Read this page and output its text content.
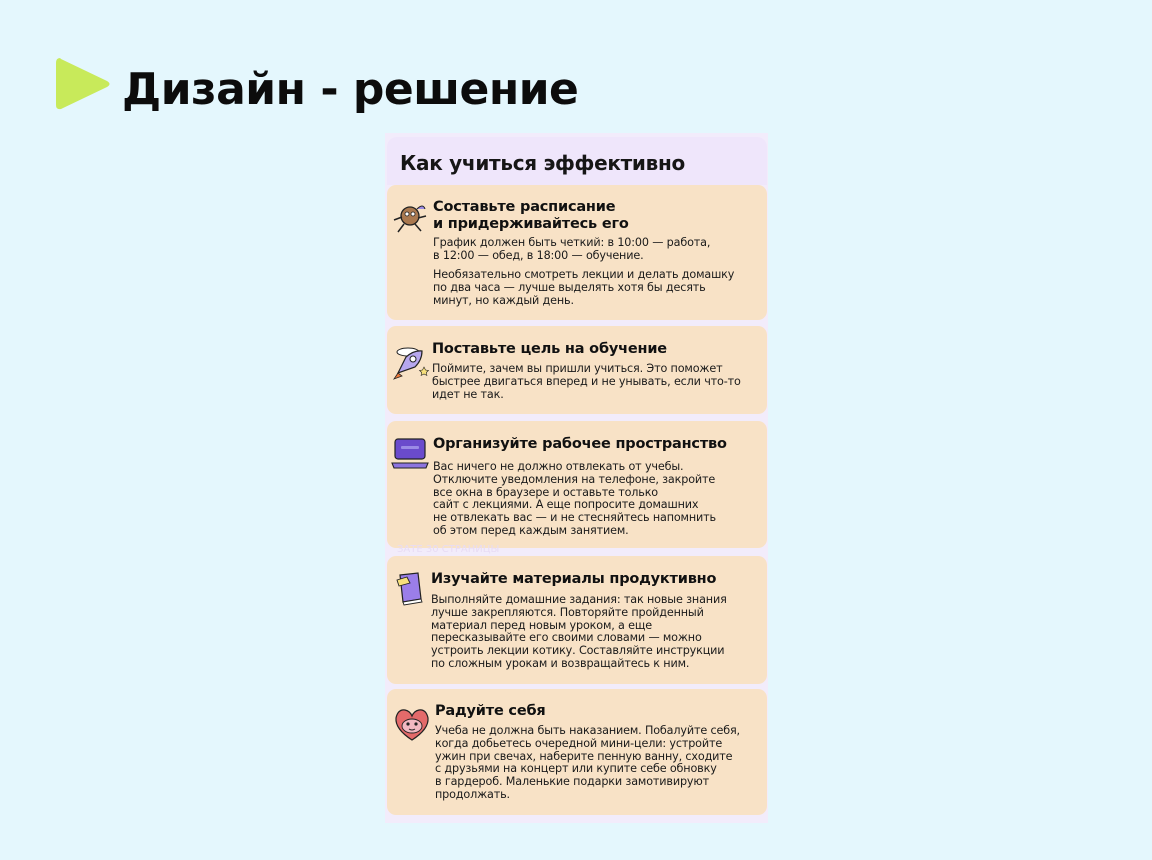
Дизайн - решение
Как учиться эффективно
Составьте расписание
и придерживайтесь его
График должен быть четкий: в 10:00 — работа,
в 12:00 — обед, в 18:00 — обучение.
Необязательно смотреть лекции и делать домашку
по два часа — лучше выделять хотя бы десять
минут, но каждый день.
Поставьте цель на обучение
Поймите, зачем вы пришли учиться. Это поможет
быстрее двигаться вперед и не унывать, если что-то
идет не так.
Организуйте рабочее пространство
Вас ничего не должно отвлекать от учебы.
Отключите уведомления на телефоне, закройте
все окна в браузере и оставьте только
сайт с лекциями. А еще попросите домашних
не отвлекать вас — и не стесняйтесь напомнить
об этом перед каждым занятием.
ЗАТЕ 30 СТРАНИЦЫ
Изучайте материалы продуктивно
Выполняйте домашние задания: так новые знания
лучше закрепляются. Повторяйте пройденный
материал перед новым уроком, а еще
пересказывайте его своими словами — можно
устроить лекции котику. Составляйте инструкции
по сложным урокам и возвращайтесь к ним.
Радуйте себя
Учеба не должна быть наказанием. Побалуйте себя,
когда добьетесь очередной мини-цели: устройте
ужин при свечах, наберите пенную ванну, сходите
с друзьями на концерт или купите себе обновку
в гардероб. Маленькие подарки замотивируют
продолжать.
